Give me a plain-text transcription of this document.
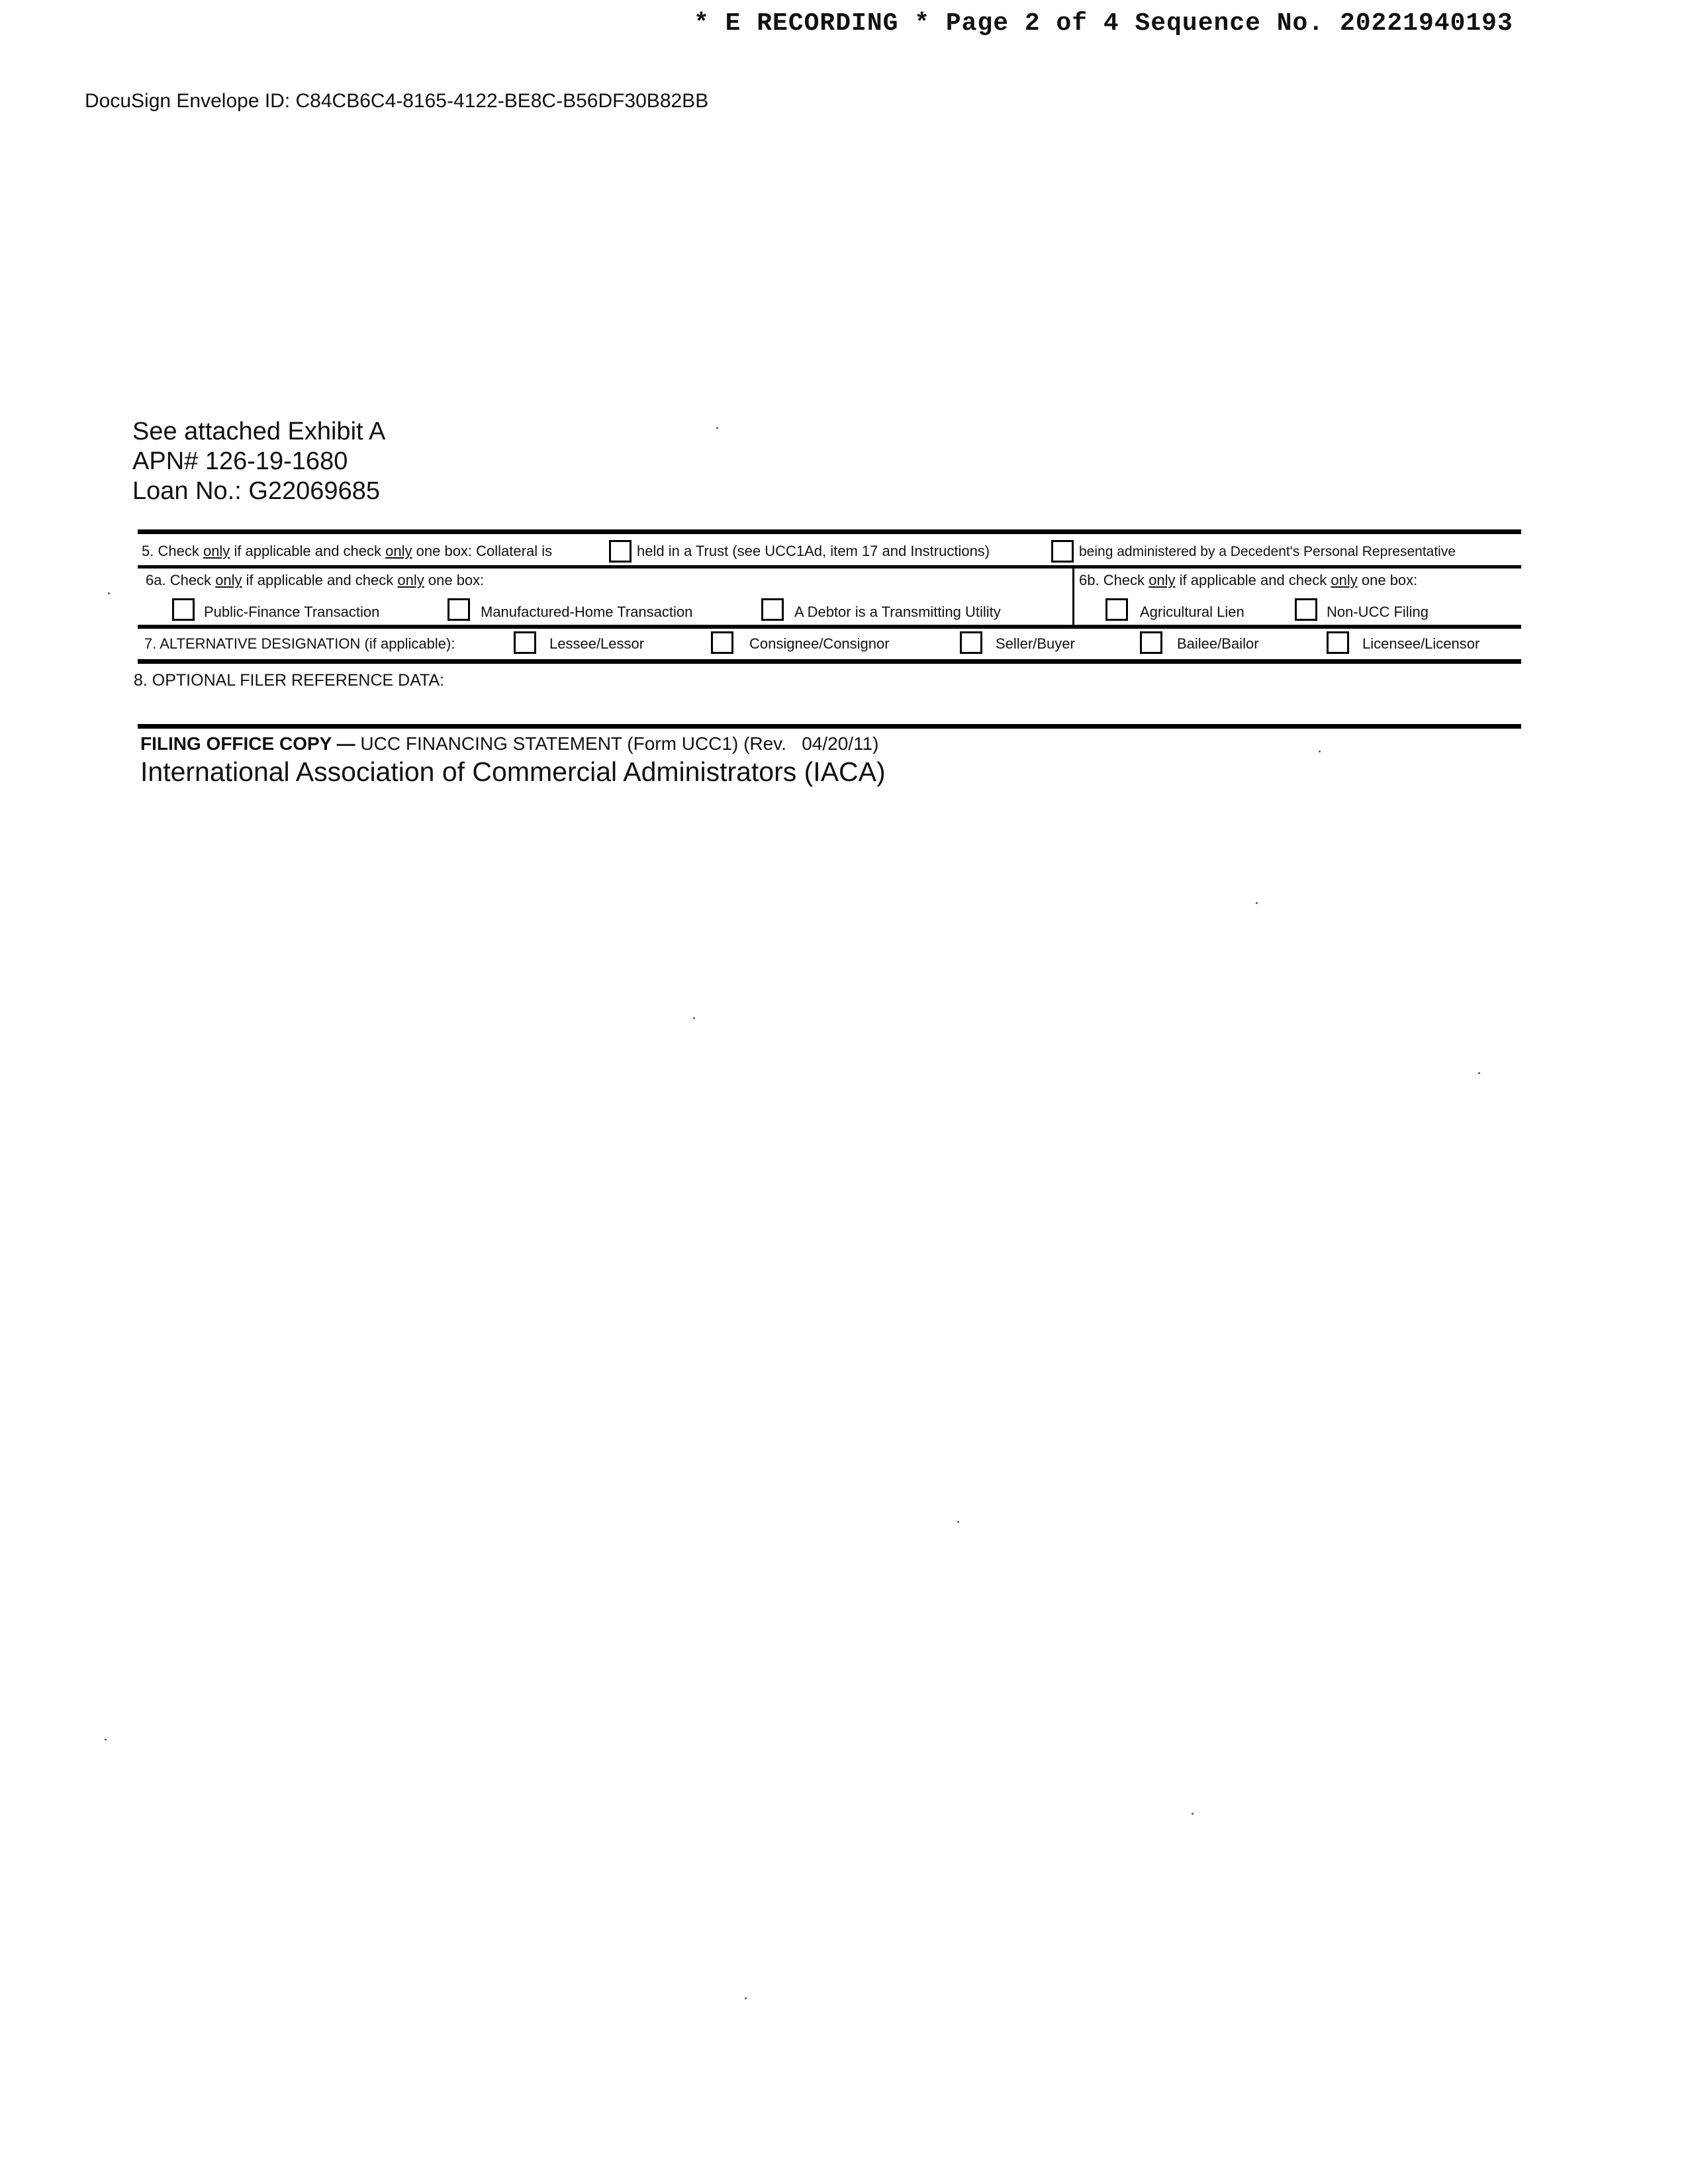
* E RECORDING * Page 2 of 4 Sequence No. 20221940193
DocuSign Envelope ID: C84CB6C4-8165-4122-BE8C-B56DF30B82BB
See attached Exhibit A
APN# 126-19-1680
Loan No.: G22069685
5. Check only if applicable and check only one box: Collateral is	held in a Trust (see UCC1Ad, item 17 and Instructions)	being administered by a Decedent's Personal Representative
6a. Check only if applicable and check only one box:
Public-Finance Transaction	Manufactured-Home Transaction	A Debtor is a Transmitting Utility
6b. Check only if applicable and check only one box:
Agricultural Lien	Non-UCC Filing
7. ALTERNATIVE DESIGNATION (if applicable):	Lessee/Lessor	Consignee/Consignor	Seller/Buyer	Bailee/Bailor	Licensee/Licensor
8. OPTIONAL FILER REFERENCE DATA:
FILING OFFICE COPY — UCC FINANCING STATEMENT (Form UCC1) (Rev. 04/20/11)
International Association of Commercial Administrators (IACA)
